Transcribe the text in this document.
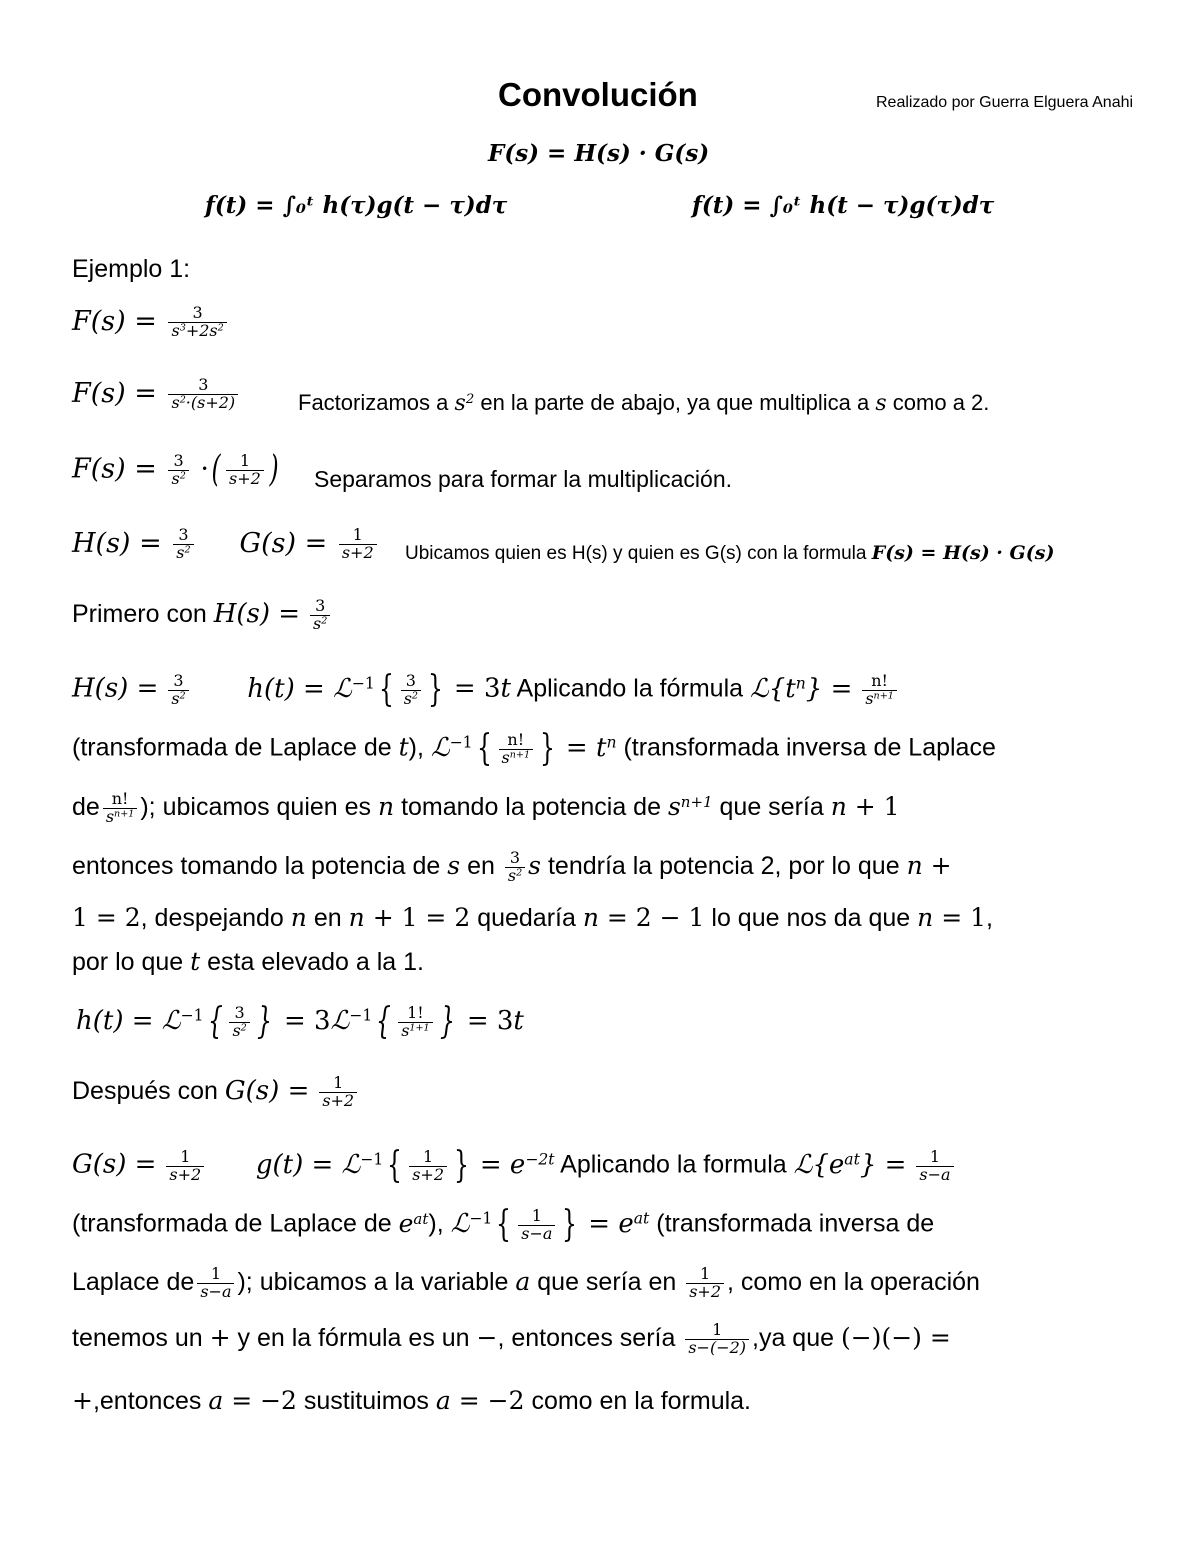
Convolución	Realizado por Guerra Elguera Anahi
F(s) = H(s) · G(s)
f(t) = ∫₀ᵗ h(τ)g(t − τ)dτ	f(t) = ∫₀ᵗ h(t − τ)g(τ)dτ
Ejemplo 1:
$F(s) = \frac{3}{s^3+2s^2}$
$F(s) = \frac{3}{s^2\cdot(s+2)}$	Factorizamos a $s^2$ en la parte de abajo, ya que multiplica a s como a 2.
$F(s) = \frac{3}{s^2}$ ·( $\frac{1}{s+2}$ ) Separamos para formar la multiplicación.
$H(s) = \frac{3}{s^2} G(s) = \frac{1}{s+2}$ Ubicamos quien es H(s) y quien es G(s) con la formula F(s) = H(s) · G(s)
Primero con $H(s) = \frac{3}{s^2}$
$H(s) = \frac{3}{s^2} h(t)$ = ℒ$^{-1}$ { $\frac{3}{s^2}$ } = 3t Aplicando la fórmula $ℒ\{t^n\} = \frac{n!}{s^{n+1}}$
(transformada de Laplace de t), ℒ$^{-1}$ { $\frac{n!}{s^{n+1}}$ } = $t^n$ (transformada inversa de Laplace
de $\frac{n!}{s^{n+1}}$ ); ubicamos quien es n tomando la potencia de $s^{n+1}$ que sería n + 1
entonces tomando la potencia de s en $\frac{3}{s^2}$ s tendría la potencia 2, por lo que n +
1 = 2, despejando n en n + 1 = 2 quedaría n = 2 − 1 lo que nos da que n = 1,
por lo que t esta elevado a la 1.
h(t) = ℒ$^{-1}$ { $\frac{3}{s^2}$ } = 3ℒ$^{-1}$ { $\frac{1!}{s^{1+1}}$ } = 3t
Después con $G(s) = \frac{1}{s+2}$
$G(s) = \frac{1}{s+2} g(t)$ = ℒ$^{-1}$ { $\frac{1}{s+2}$ } = $e^{-2t}$ Aplicando la formula $ℒ\{e^{at}\} = \frac{1}{s-a}$
(transformada de Laplace de $e^{at}$), ℒ$^{-1}$ { $\frac{1}{s-a}$ } = $e^{at}$ (transformada inversa de
Laplace de $\frac{1}{s-a}$ ); ubicamos a la variable a que sería en $\frac{1}{s+2}$ , como en la operación
tenemos un + y en la fórmula es un −, entonces sería $\frac{1}{s-(-2)} ,ya$ que (−)(−) =
+,entonces a = −2 sustituimos a = −2 como en la formula.
